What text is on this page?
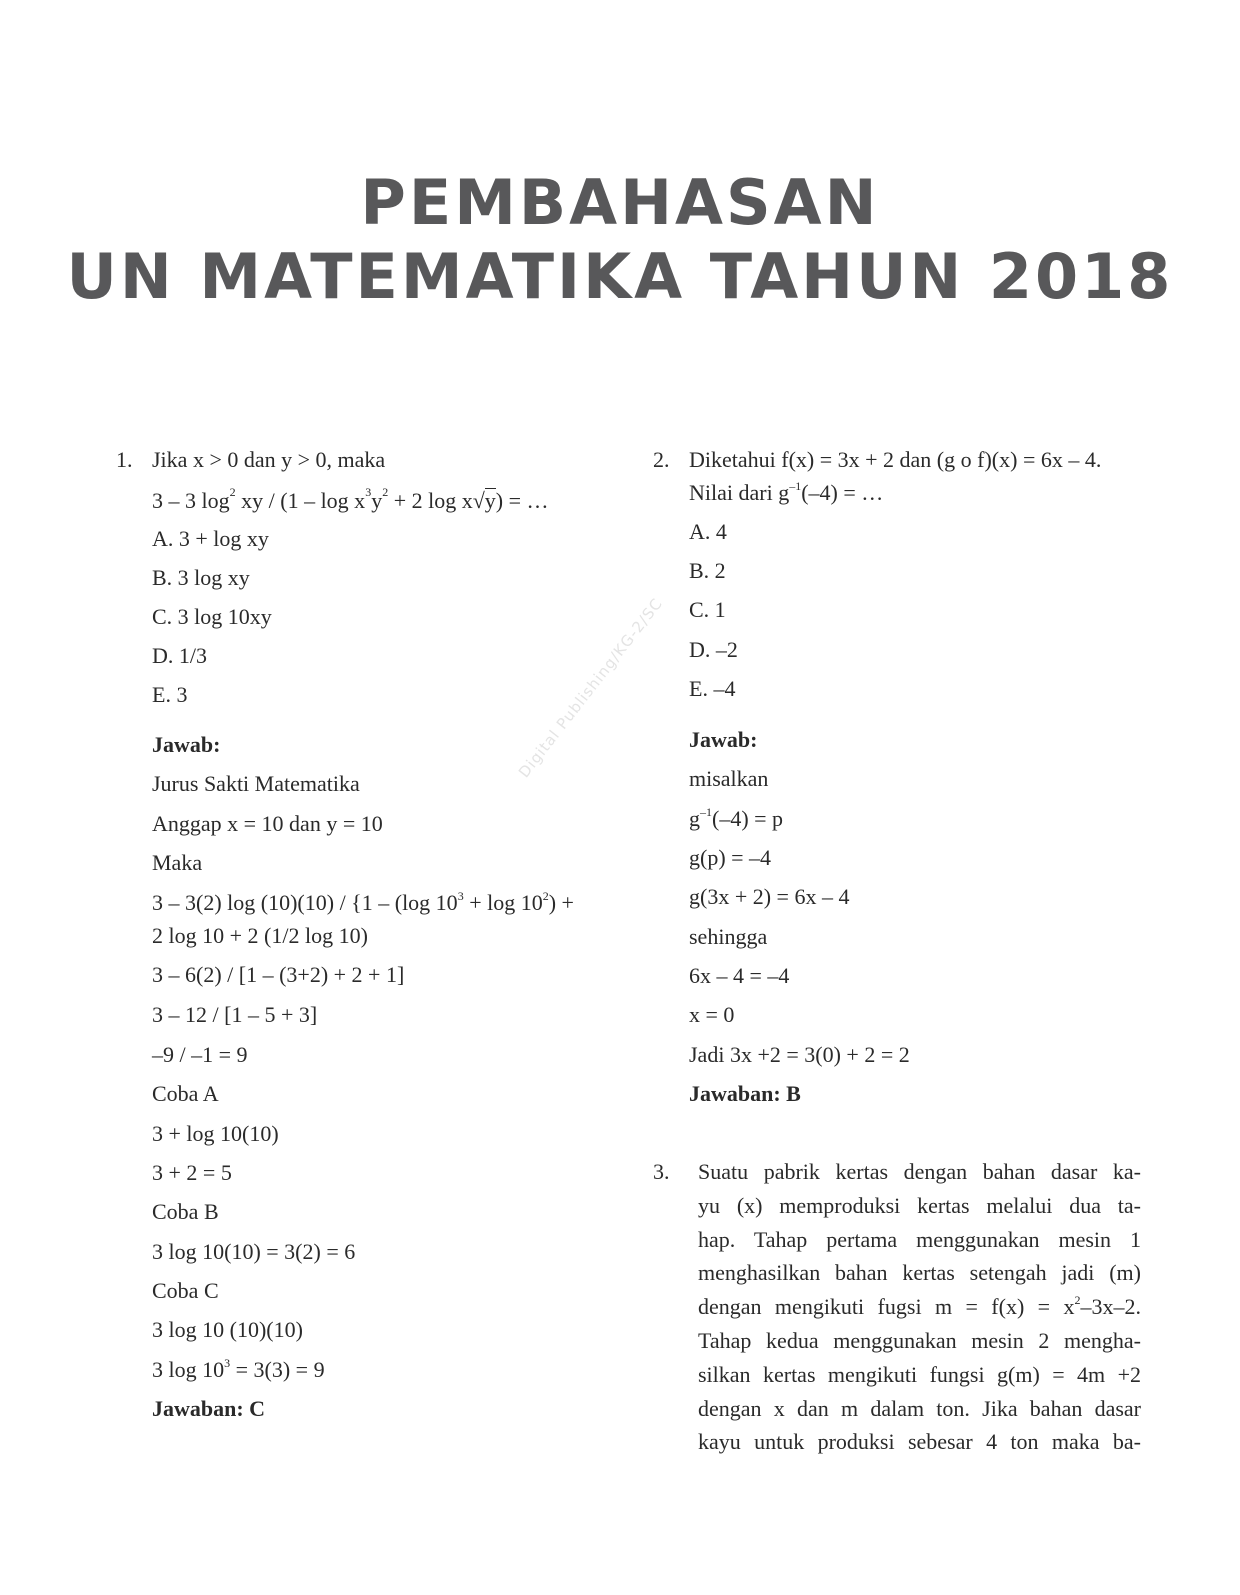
PEMBAHASAN
UN MATEMATIKA TAHUN 2018
Digital Publishing/KG-2/SC
1. Jika x > 0 dan y > 0, maka
3 – 3 $\log^2$ xy / ($1 - \log x^3y^2 + 2$ log x√y) = …
A. 3 + log xy
B. 3 log xy
C. 3 log 10xy
D. 1/3
E. 3
Jawab:
Jurus Sakti Matematika
Anggap x = 10 dan y = 10
Maka
3 – 3(2) log (10)(10) / {1 – (log $10^3 + \log 10^2$) +
2 log 10 + 2 (1/2 log 10)
3 – 6(2) / [1 – (3+2) + 2 + 1]
3 – 12 / [1 – 5 + 3]
–9 / –1 = 9
Coba A
3 + log 10(10)
3 + 2 = 5
Coba B
3 log 10(10) = 3(2) = 6
Coba C
3 log 10 (10)(10)
3 $\log 10^3 = 3(3) = 9$
Jawaban: C
2. Diketahui f(x) = 3x + 2 dan (g o f)(x) = 6x – 4.
Nilai dari $g^{-1}(-4)$ = …
A. 4
B. 2
C. 1
D. –2
E. –4
Jawab:
misalkan
$g^{-1}(-4) = p$
g(p) = –4
g(3x + 2) = 6x – 4
sehingga
6x – 4 = –4
x = 0
Jadi 3x +2 = 3(0) + 2 = 2
Jawaban: B
3. Suatu pabrik kertas dengan bahan dasar ka-
yu (x) memproduksi kertas melalui dua ta-
hap. Tahap pertama menggunakan mesin 1
menghasilkan bahan kertas setengah jadi (m)
dengan mengikuti fugsi $m = f(x) = x^2-3x-2$.
Tahap kedua menggunakan mesin 2 mengha-
silkan kertas mengikuti fungsi g(m) = 4m +2
dengan x dan m dalam ton. Jika bahan dasar
kayu untuk produksi sebesar 4 ton maka ba-
